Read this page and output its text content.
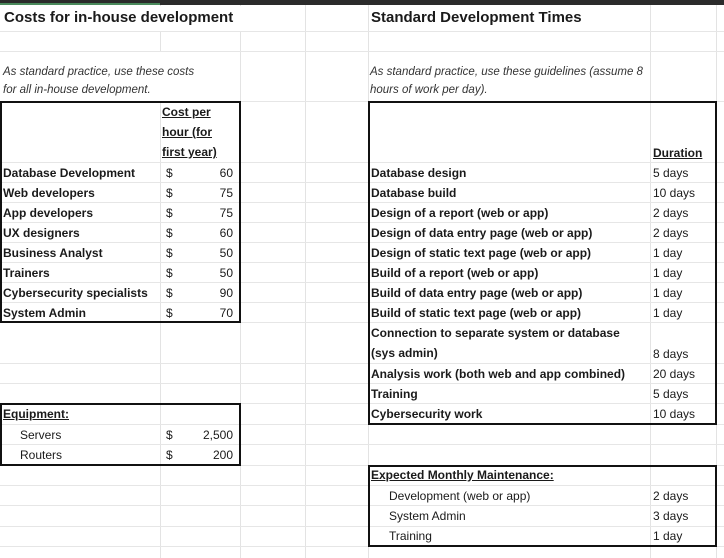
Costs for in-house development
As standard practice, use these costs
for all in-house development.
Cost per
hour (for
first year)
Database Development	$	60
Web developers	$	75
App developers	$	75
UX designers	$	60
Business Analyst	$	50
Trainers	$	50
Cybersecurity specialists $	90
System Admin	$	70
Equipment:
Servers	$	2,500
Routers	$	200
Standard Development Times
As standard practice, use these guidelines (assume 8
hours of work per day).
Duration
Database design	5 days
Database build	10 days
Design of a report (web or app)	2 days
Design of data entry page (web or app)	2 days
Design of static text page (web or app)	1 day
Build of a report (web or app)	1 day
Build of data entry page (web or app)	1 day
Build of static text page (web or app)	1 day
Connection to separate system or database
(sys admin)	8 days
Analysis work (both web and app combined) 20 days
Training	5 days
Cybersecurity work	10 days
Expected Monthly Maintenance:
Development (web or app)	2 days
System Admin	3 days
Training	1 day
